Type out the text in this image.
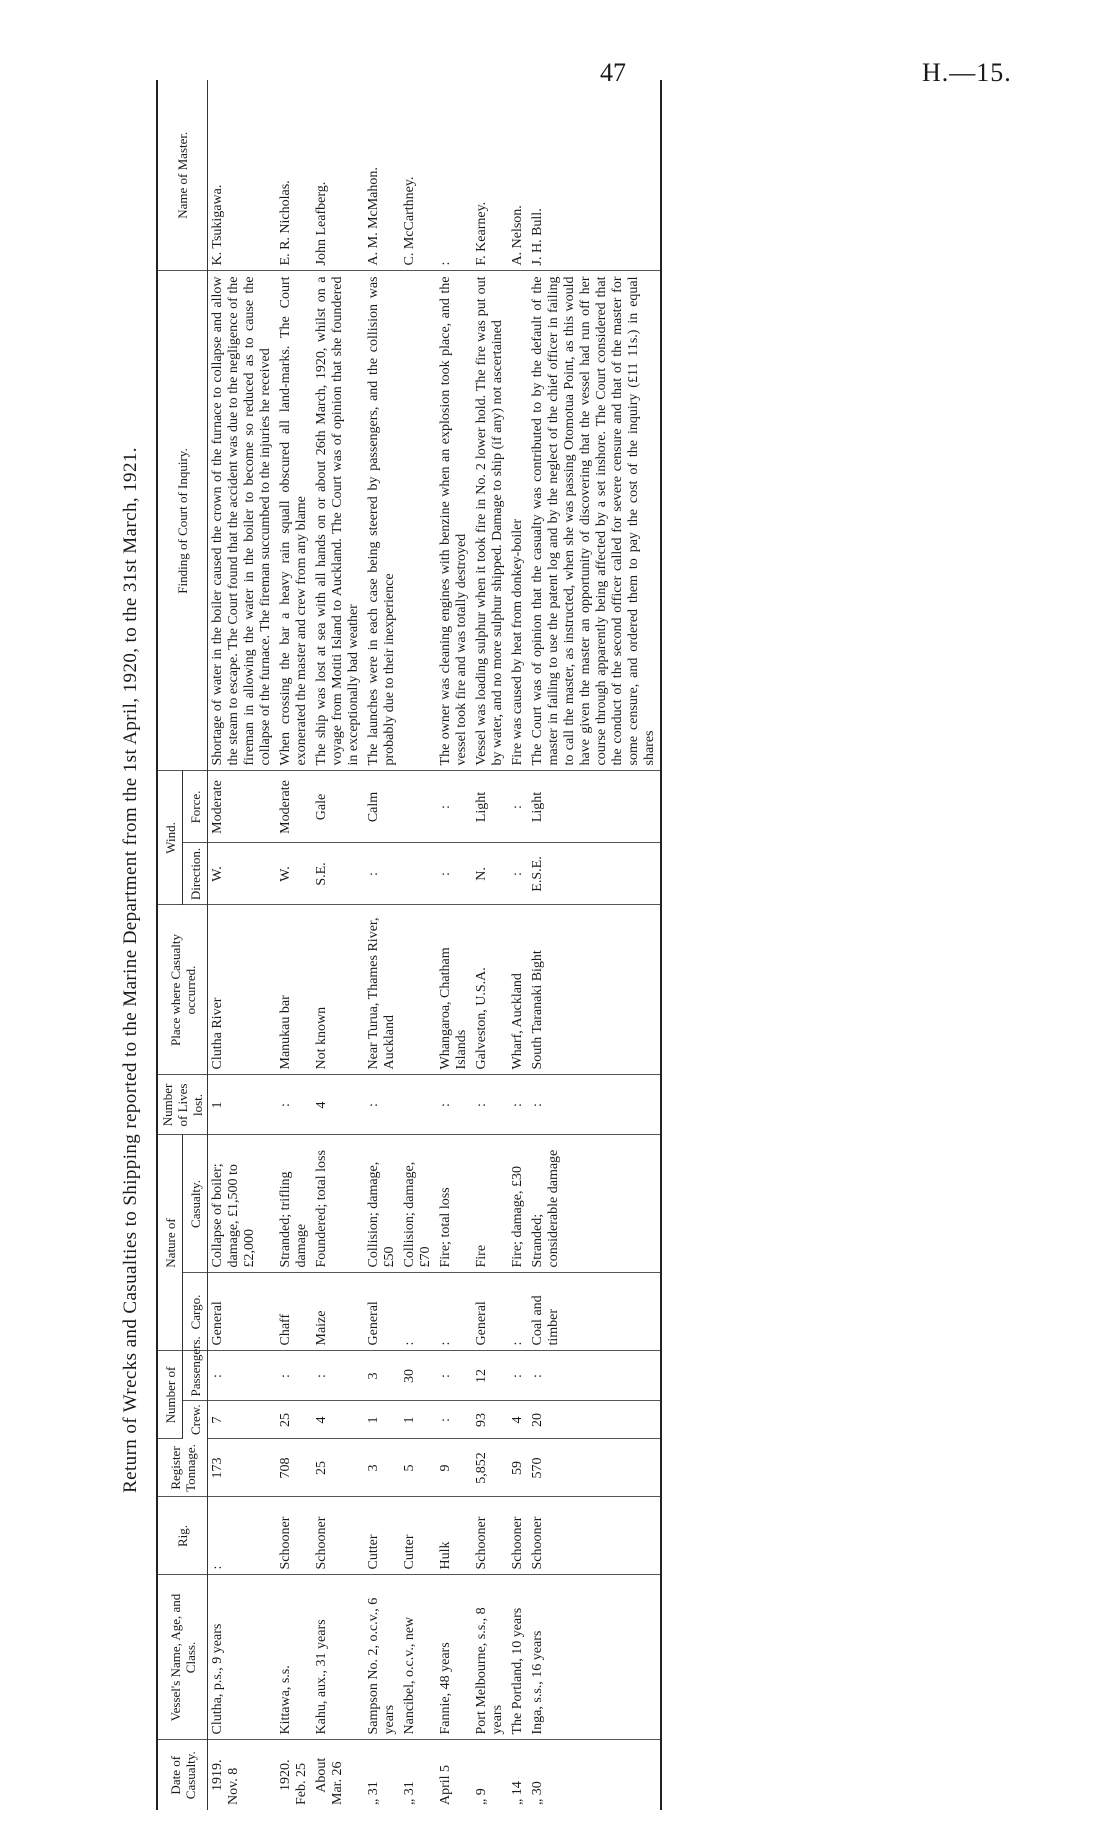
47	H.—15.
Return of Wrecks and Casualties to Shipping reported to the Marine Department from the 1st April, 1920, to the 31st March, 1921.
Date of Casualty.	Vessel's Name, Age, and Class.	Rig.	Register Tonnage.	Number of		Nature of		Number of Lives lost.	Place where Casualty occurred.	Wind.		Finding of Court of Inquiry.	Name of Master.
				Crew.	Passengers.	Cargo.	Casualty.			Direction.	Force.		

1919. Nov. 8	Clutha, p.s., 9 years	:	173	7	:	General	Collapse of boiler; damage, £1,500 to £2,000	1	Clutha River	W.	Moderate	Shortage of water in the boiler caused the crown of the furnace to collapse and allow the steam to escape. The Court found that the accident was due to the negligence of the fireman in allowing the water in the boiler to become so reduced as to cause the collapse of the furnace. The fireman succumbed to the injuries he received	K. Tsukigawa.

1920. Feb. 25	Kittawa, s.s.	Schooner	708	25	:	Chaff	Stranded; trifling damage	:	Manukau bar	W.	Moderate	When crossing the bar a heavy rain squall obscured all land-marks. The Court exonerated the master and crew from any blame	E. R. Nicholas.

About Mar. 26	Kahu, aux., 31 years	Schooner	25	4	:	Maize	Foundered; total loss	4	Not known	S.E.	Gale	The ship was lost at sea with all hands on or about 26th March, 1920, whilst on a voyage from Motiti Island to Auckland. The Court was of opinion that she foundered in exceptionally bad weather	John Leafberg.

„ 31	Sampson No. 2, o.c.v., 6 years	Cutter	3	1	3	General	Collision; damage, £50	:	Near Turua, Thames River, Auckland	:	Calm	The launches were in each case being steered by passengers, and the collision was probably due to their inexperience	A. M. McMahon.

„ 31	Nancibel, o.c.v., new	Cutter	5	1	30	:	Collision; damage, £70						C. McCarthney.

April 5	Fannie, 48 years	Hulk	9	:	:	:	Fire; total loss	:	Whangaroa, Chatham Islands	:	:	The owner was cleaning engines with benzine when an explosion took place, and the vessel took fire and was totally destroyed	:

„ 9	Port Melbourne, s.s., 8 years	Schooner	5,852	93	12	General	Fire	:	Galveston, U.S.A.	N.	Light	Vessel was loading sulphur when it took fire in No. 2 lower hold. The fire was put out by water, and no more sulphur shipped. Damage to ship (if any) not ascertained	F. Kearney.

„ 14	The Portland, 10 years	Schooner	59	4	:	:	Fire; damage, £30	:	Wharf, Auckland	:	:	Fire was caused by heat from donkey-boiler	A. Nelson.

„ 30	Inga, s.s., 16 years	Schooner	570	20	:	Coal and timber	Stranded; considerable damage	:	South Taranaki Bight	E.S.E.	Light	The Court was of opinion that the casualty was contributed to by the default of the master in failing to use the patent log and by the neglect of the chief officer in failing to call the master, as instructed, when she was passing Otomotua Point, as this would have given the master an opportunity of discovering that the vessel had run off her course through apparently being affected by a set inshore. The Court considered that the conduct of the second officer called for severe censure and that of the master for some censure, and ordered them to pay the cost of the inquiry (£11 11s.) in equal shares	J. H. Bull.
